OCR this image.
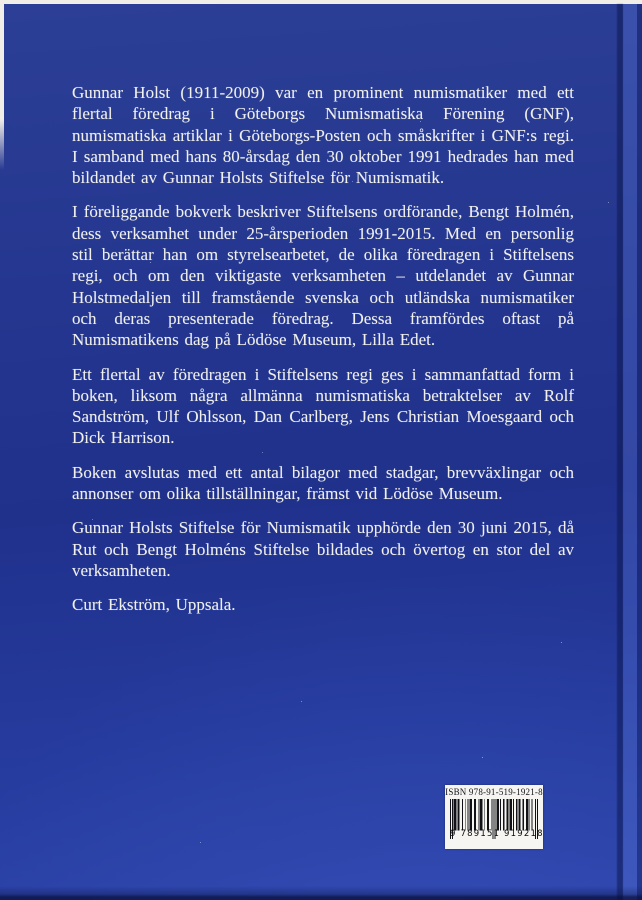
Gunnar Holst (1911-2009) var en prominent numismatiker med ett flertal föredrag i Göteborgs Numismatiska Förening (GNF), numismatiska artiklar i Göteborgs-Posten och småskrifter i GNF:s regi. I samband med hans 80-årsdag den 30 oktober 1991 hedrades han med bildandet av Gunnar Holsts Stiftelse för Numismatik.

I föreliggande bokverk beskriver Stiftelsens ordförande, Bengt Holmén, dess verksamhet under 25-årsperioden 1991-2015. Med en personlig stil berättar han om styrelsearbetet, de olika föredragen i Stiftelsens regi, och om den viktigaste verksamheten – utdelandet av Gunnar Holstmedaljen till framstående svenska och utländska numismatiker och deras presenterade föredrag. Dessa framfördes oftast på Numismatikens dag på Lödöse Museum, Lilla Edet.

Ett flertal av föredragen i Stiftelsens regi ges i sammanfattad form i boken, liksom några allmänna numismatiska betraktelser av Rolf Sandström, Ulf Ohlsson, Dan Carlberg, Jens Christian Moesgaard och Dick Harrison.

Boken avslutas med ett antal bilagor med stadgar, brevväxlingar och annonser om olika tillställningar, främst vid Lödöse Museum.

Gunnar Holsts Stiftelse för Numismatik upphörde den 30 juni 2015, då Rut och Bengt Holméns Stiftelse bildades och övertog en stor del av verksamheten.

Curt Ekström, Uppsala.

ISBN 978-91-519-1921-8
9 789151 919218
